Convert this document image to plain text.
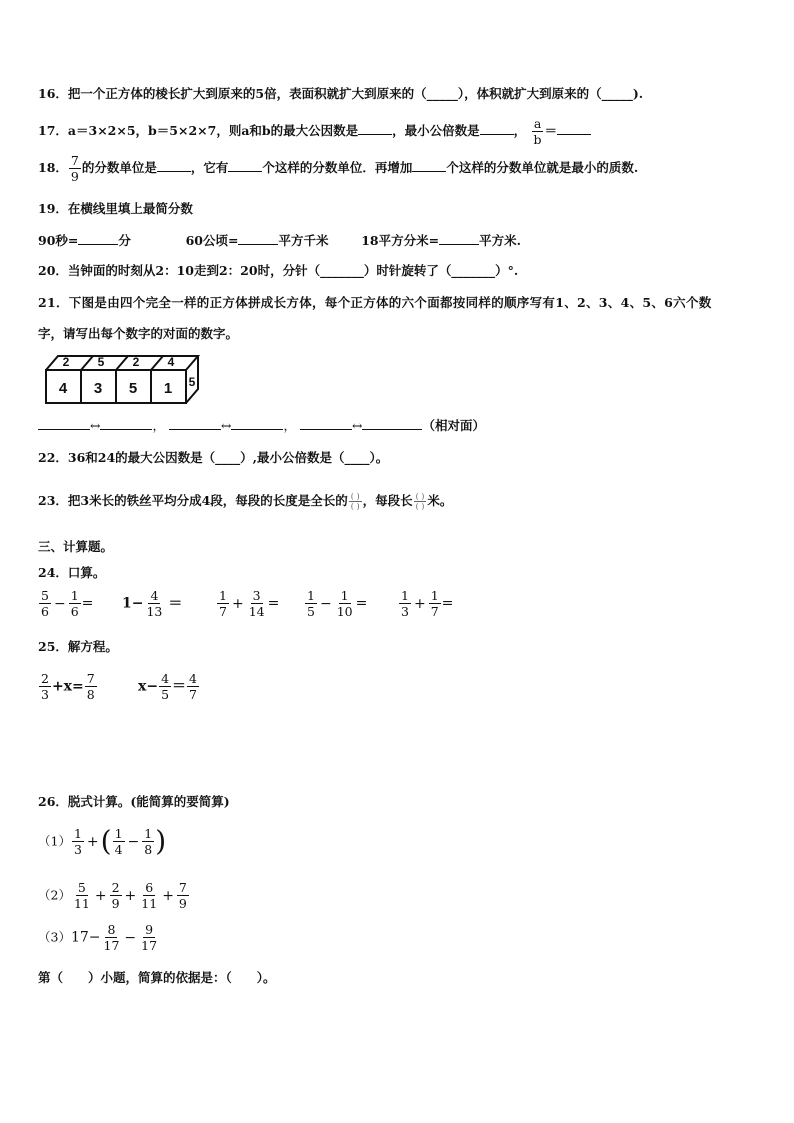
16．把一个正方体的棱长扩大到原来的5倍，表面积就扩大到原来的（_____），体积就扩大到原来的（_____).
17．a＝3×2×5，b＝5×2×7，则a和b的最大公因数是	，最小公倍数是	， $\frac{a}{b}$ ＝
18． $\frac{7}{9}$ 的分数单位是	，它有	个这样的分数单位．再增加	个这样的分数单位就是最小的质数.
19．在横线里填上最简分数
90秒=	分	60公顷=	平方千米	18平方分米=	平方米.
20．当钟面的时刻从2：10走到2：20时，分针（_______）时针旋转了（_______）°.
21．下图是由四个完全一样的正方体拼成长方体，每个正方体的六个面都按同样的顺序写有1、2、3、4、5、6六个数
字，请写出每个数字的对面的数字。
2 5 2 4
4 3 5 1 5
↔	，	↔	，	↔	（相对面）
22．36和24的最大公因数是（____）,最小公倍数是（____）。
23．把3米长的铁丝平均分成4段，每段的长度是全长的 $\frac{( )}{( )}$ ，每段长 $\frac{( )}{( )}$ 米。
三、计算题。
24．口算。
$\frac{5}{6} - \frac{1}{6} = 1- \frac{4}{13}$ ＝	$\frac{1}{7} + \frac{3}{14} = \frac{1}{5} - \frac{1}{10}$ =	$\frac{1}{3} + \frac{1}{7}$ =
25．解方程。
$\frac{2}{3} +x= \frac{7}{8}$	$x- \frac{4}{5} = \frac{4}{7}$
26．脱式计算。(能简算的要简算)
$(1) \frac{1}{3}$ +( $\frac{1}{4} - \frac{1}{8}$ )
$(2) \frac{5}{11} + \frac{2}{9} + \frac{6}{11} + \frac{7}{9}$
$(3)17- \frac{8}{17} - \frac{9}{17}$
第（　　）小题，简算的依据是：（　　）。
